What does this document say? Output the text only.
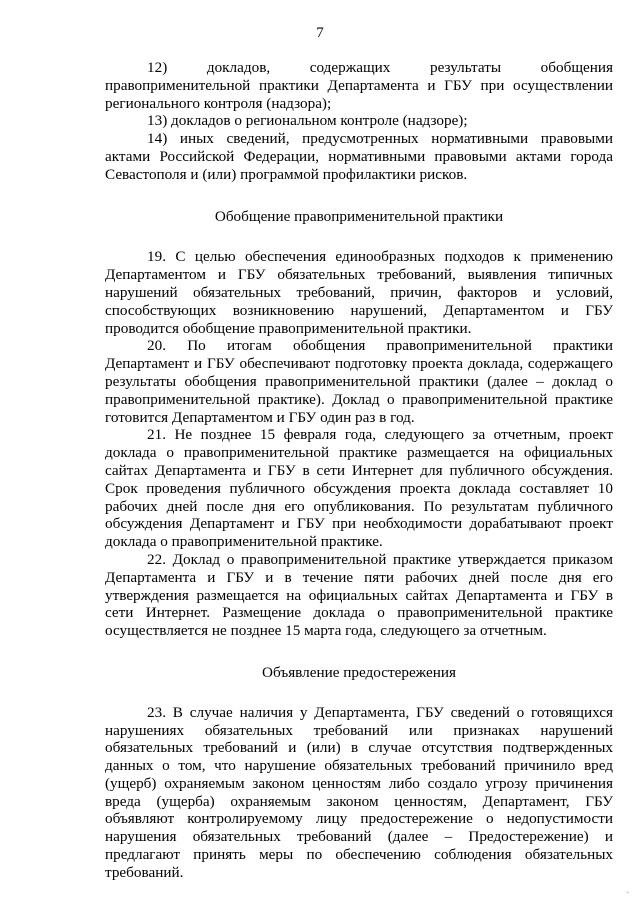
7

12) докладов, содержащих результаты обобщения правоприменительной практики Департамента и ГБУ при осуществлении регионального контроля (надзора);

13) докладов о региональном контроле (надзоре);

14) иных сведений, предусмотренных нормативными правовыми актами Российской Федерации, нормативными правовыми актами города Севастополя и (или) программой профилактики рисков.

Обобщение правоприменительной практики

19. С целью обеспечения единообразных подходов к применению Департаментом и ГБУ обязательных требований, выявления типичных нарушений обязательных требований, причин, факторов и условий, способствующих возникновению нарушений, Департаментом и ГБУ проводится обобщение правоприменительной практики.

20. По итогам обобщения правоприменительной практики Департамент и ГБУ обеспечивают подготовку проекта доклада, содержащего результаты обобщения правоприменительной практики (далее – доклад о правоприменительной практике). Доклад о правоприменительной практике готовится Департаментом и ГБУ один раз в год.

21. Не позднее 15 февраля года, следующего за отчетным, проект доклада о правоприменительной практике размещается на официальных сайтах Департамента и ГБУ в сети Интернет для публичного обсуждения. Срок проведения публичного обсуждения проекта доклада составляет 10 рабочих дней после дня его опубликования. По результатам публичного обсуждения Департамент и ГБУ при необходимости дорабатывают проект доклада о правоприменительной практике.

22. Доклад о правоприменительной практике утверждается приказом Департамента и ГБУ и в течение пяти рабочих дней после дня его утверждения размещается на официальных сайтах Департамента и ГБУ в сети Интернет. Размещение доклада о правоприменительной практике осуществляется не позднее 15 марта года, следующего за отчетным.

Объявление предостережения

23. В случае наличия у Департамента, ГБУ сведений о готовящихся нарушениях обязательных требований или признаках нарушений обязательных требований и (или) в случае отсутствия подтвержденных данных о том, что нарушение обязательных требований причинило вред (ущерб) охраняемым законом ценностям либо создало угрозу причинения вреда (ущерба) охраняемым законом ценностям, Департамент, ГБУ объявляют контролируемому лицу предостережение о недопустимости нарушения обязательных требований (далее – Предостережение) и предлагают принять меры по обеспечению соблюдения обязательных требований.

ˇ
